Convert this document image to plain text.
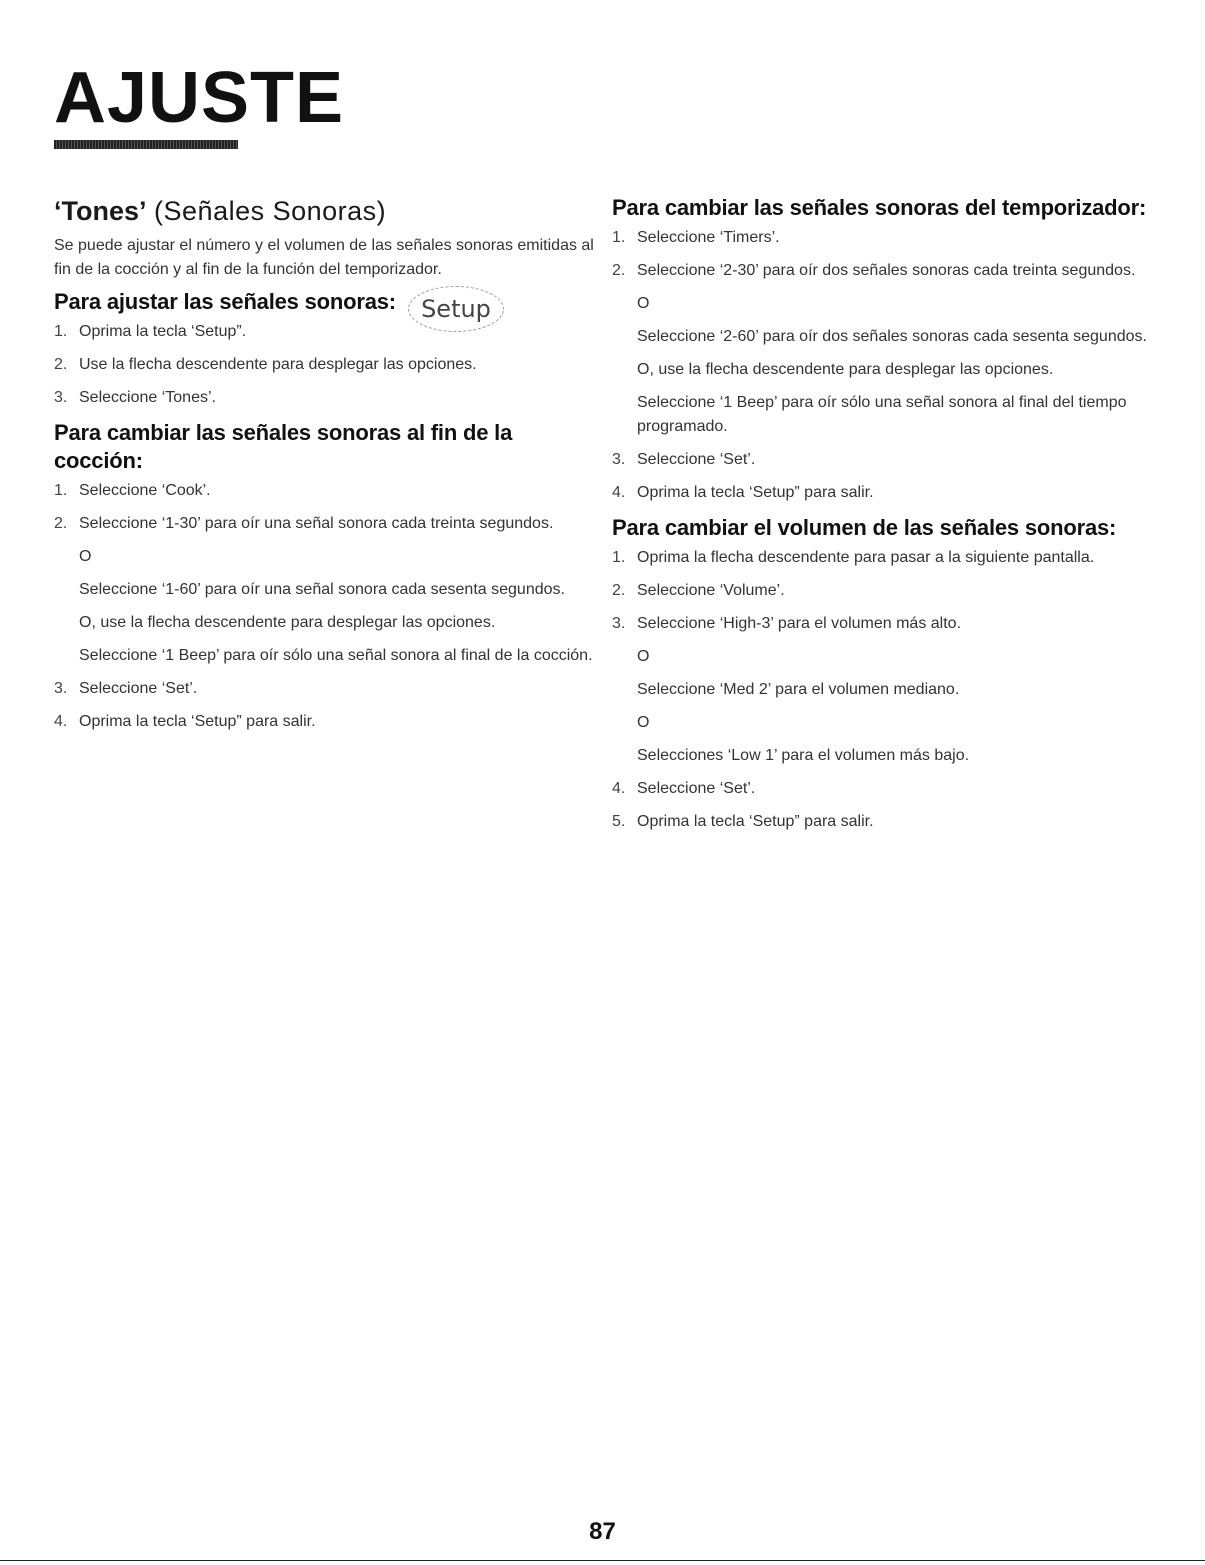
AJUSTE
‘Tones’ (Señales Sonoras)
Se puede ajustar el número y el volumen de las señales sonoras emitidas al fin de la cocción y al fin de la función del temporizador.
Para ajustar las señales sonoras:	Setup
1. Oprima la tecla ‘Setup”.
2. Use la flecha descendente para desplegar las opciones.
3. Seleccione ‘Tones’.
Para cambiar las señales sonoras al fin de la cocción:
1. Seleccione ‘Cook’.
2. Seleccione ‘1-30’ para oír una señal sonora cada treinta segundos.
O
Seleccione ‘1-60’ para oír una señal sonora cada sesenta segundos.
O, use la flecha descendente para desplegar las opciones.
Seleccione ‘1 Beep’ para oír sólo una señal sonora al final de la cocción.
3. Seleccione ‘Set’.
4. Oprima la tecla ‘Setup” para salir.
Para cambiar las señales sonoras del temporizador:
1. Seleccione ‘Timers’.
2. Seleccione ‘2-30’ para oír dos señales sonoras cada treinta segundos.
O
Seleccione ‘2-60’ para oír dos señales sonoras cada sesenta segundos.
O, use la flecha descendente para desplegar las opciones.
Seleccione ‘1 Beep’ para oír sólo una señal sonora al final del tiempo programado.
3. Seleccione ‘Set’.
4. Oprima la tecla ‘Setup” para salir.
Para cambiar el volumen de las señales sonoras:
1. Oprima la flecha descendente para pasar a la siguiente pantalla.
2. Seleccione ‘Volume’.
3. Seleccione ‘High-3’ para el volumen más alto.
O
Seleccione ‘Med 2’ para el volumen mediano.
O
Selecciones ‘Low 1’ para el volumen más bajo.
4. Seleccione ‘Set’.
5. Oprima la tecla ‘Setup” para salir.
87
